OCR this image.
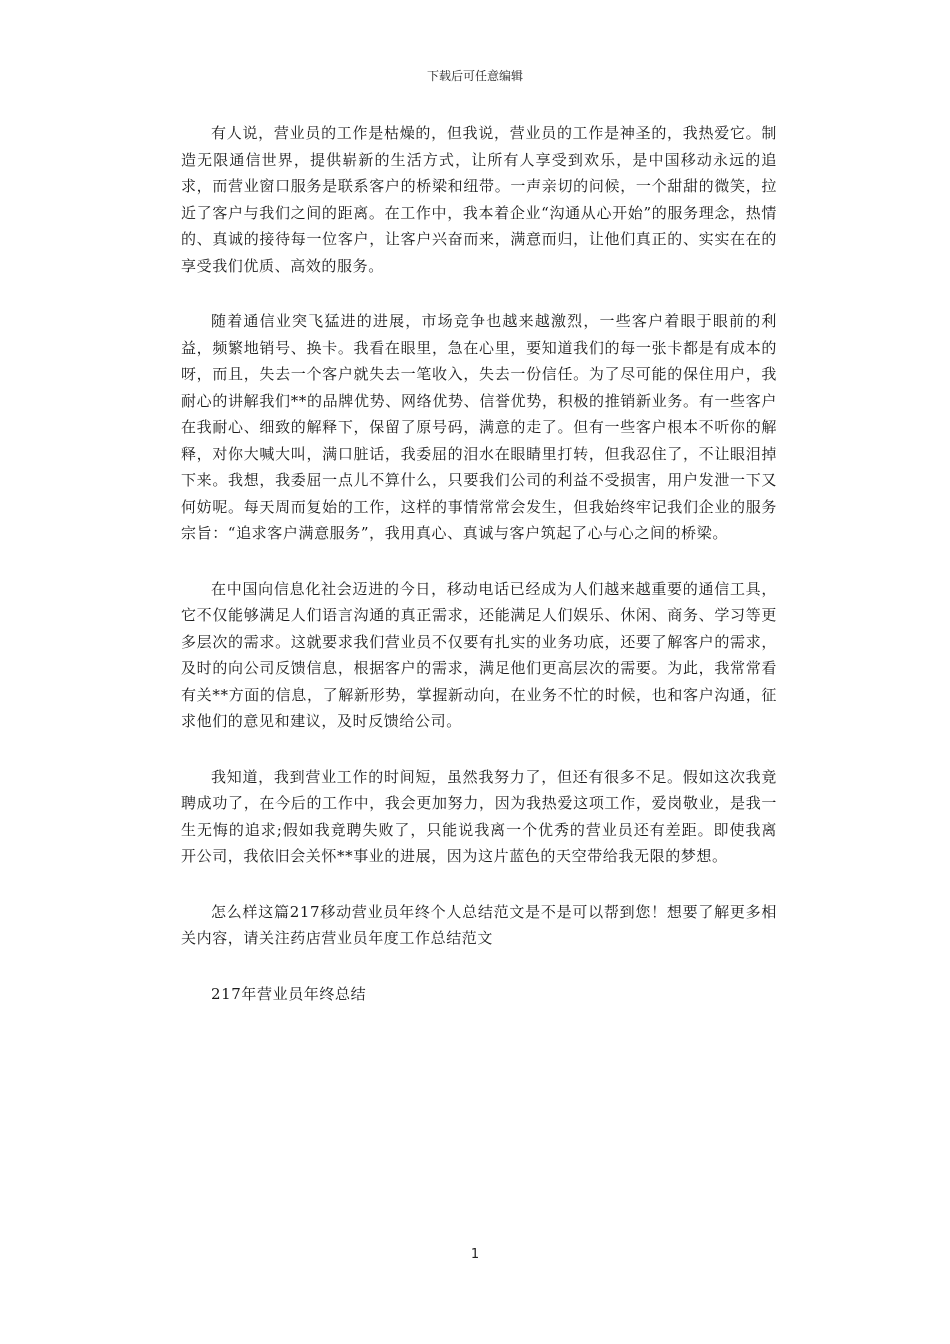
下载后可任意编辑

有人说，营业员的工作是枯燥的，但我说，营业员的工作是神圣的，我热爱它。制造无限通信世界，提供崭新的生活方式，让所有人享受到欢乐，是中国移动永远的追求，而营业窗口服务是联系客户的桥梁和纽带。一声亲切的问候，一个甜甜的微笑，拉近了客户与我们之间的距离。在工作中，我本着企业“沟通从心开始”的服务理念，热情的、真诚的接待每一位客户，让客户兴奋而来，满意而归，让他们真正的、实实在在的享受我们优质、高效的服务。

随着通信业突飞猛进的进展，市场竞争也越来越激烈，一些客户着眼于眼前的利益，频繁地销号、换卡。我看在眼里，急在心里，要知道我们的每一张卡都是有成本的呀，而且，失去一个客户就失去一笔收入，失去一份信任。为了尽可能的保住用户，我耐心的讲解我们**的品牌优势、网络优势、信誉优势，积极的推销新业务。有一些客户在我耐心、细致的解释下，保留了原号码，满意的走了。但有一些客户根本不听你的解释，对你大喊大叫，满口脏话，我委屈的泪水在眼睛里打转，但我忍住了，不让眼泪掉下来。我想，我委屈一点儿不算什么，只要我们公司的利益不受损害，用户发泄一下又何妨呢。每天周而复始的工作，这样的事情常常会发生，但我始终牢记我们企业的服务宗旨：“追求客户满意服务”，我用真心、真诚与客户筑起了心与心之间的桥梁。

在中国向信息化社会迈进的今日，移动电话已经成为人们越来越重要的通信工具，它不仅能够满足人们语言沟通的真正需求，还能满足人们娱乐、休闲、商务、学习等更多层次的需求。这就要求我们营业员不仅要有扎实的业务功底，还要了解客户的需求，及时的向公司反馈信息，根据客户的需求，满足他们更高层次的需要。为此，我常常看有关**方面的信息，了解新形势，掌握新动向，在业务不忙的时候，也和客户沟通，征求他们的意见和建议，及时反馈给公司。

我知道，我到营业工作的时间短，虽然我努力了，但还有很多不足。假如这次我竟聘成功了，在今后的工作中，我会更加努力，因为我热爱这项工作，爱岗敬业，是我一生无悔的追求;假如我竟聘失败了，只能说我离一个优秀的营业员还有差距。即使我离开公司，我依旧会关怀**事业的进展，因为这片蓝色的天空带给我无限的梦想。

怎么样这篇217移动营业员年终个人总结范文是不是可以帮到您！想要了解更多相关内容，请关注药店营业员年度工作总结范文

217年营业员年终总结

1
